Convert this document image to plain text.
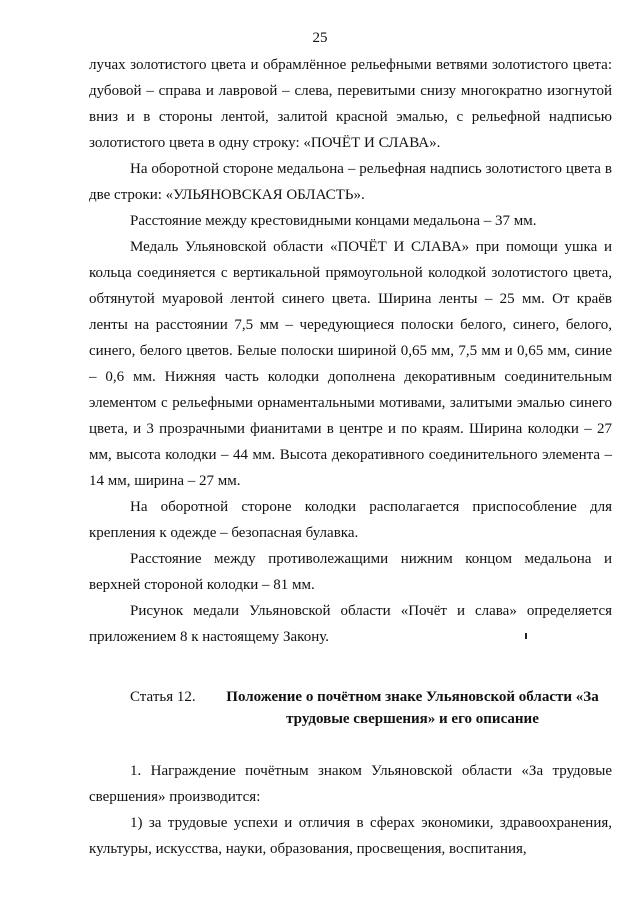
25

лучах золотистого цвета и обрамлённое рельефными ветвями золотистого цвета: дубовой – справа и лавровой – слева, перевитыми снизу многократно изогнутой вниз и в стороны лентой, залитой красной эмалью, с рельефной надписью золотистого цвета в одну строку: «ПОЧЁТ И СЛАВА».

На оборотной стороне медальона – рельефная надпись золотистого цвета в две строки: «УЛЬЯНОВСКАЯ ОБЛАСТЬ».

Расстояние между крестовидными концами медальона – 37 мм.

Медаль Ульяновской области «ПОЧЁТ И СЛАВА» при помощи ушка и кольца соединяется с вертикальной прямоугольной колодкой золотистого цвета, обтянутой муаровой лентой синего цвета. Ширина ленты – 25 мм. От краёв ленты на расстоянии 7,5 мм – чередующиеся полоски белого, синего, белого, синего, белого цветов. Белые полоски шириной 0,65 мм, 7,5 мм и 0,65 мм, синие – 0,6 мм. Нижняя часть колодки дополнена декоративным соединительным элементом с рельефными орнаментальными мотивами, залитыми эмалью синего цвета, и 3 прозрачными фианитами в центре и по краям. Ширина колодки – 27 мм, высота колодки – 44 мм. Высота декоративного соединительного элемента – 14 мм, ширина – 27 мм.

На оборотной стороне колодки располагается приспособление для крепления к одежде – безопасная булавка.

Расстояние между противолежащими нижним концом медальона и верхней стороной колодки – 81 мм.

Рисунок медали Ульяновской области «Почёт и слава» определяется приложением 8 к настоящему Закону.

Статья 12.	Положение о почётном знаке Ульяновской области «За трудовые свершения» и его описание

1. Награждение почётным знаком Ульяновской области «За трудовые свершения» производится:

1) за трудовые успехи и отличия в сферах экономики, здравоохранения, культуры, искусства, науки, образования, просвещения, воспитания,
